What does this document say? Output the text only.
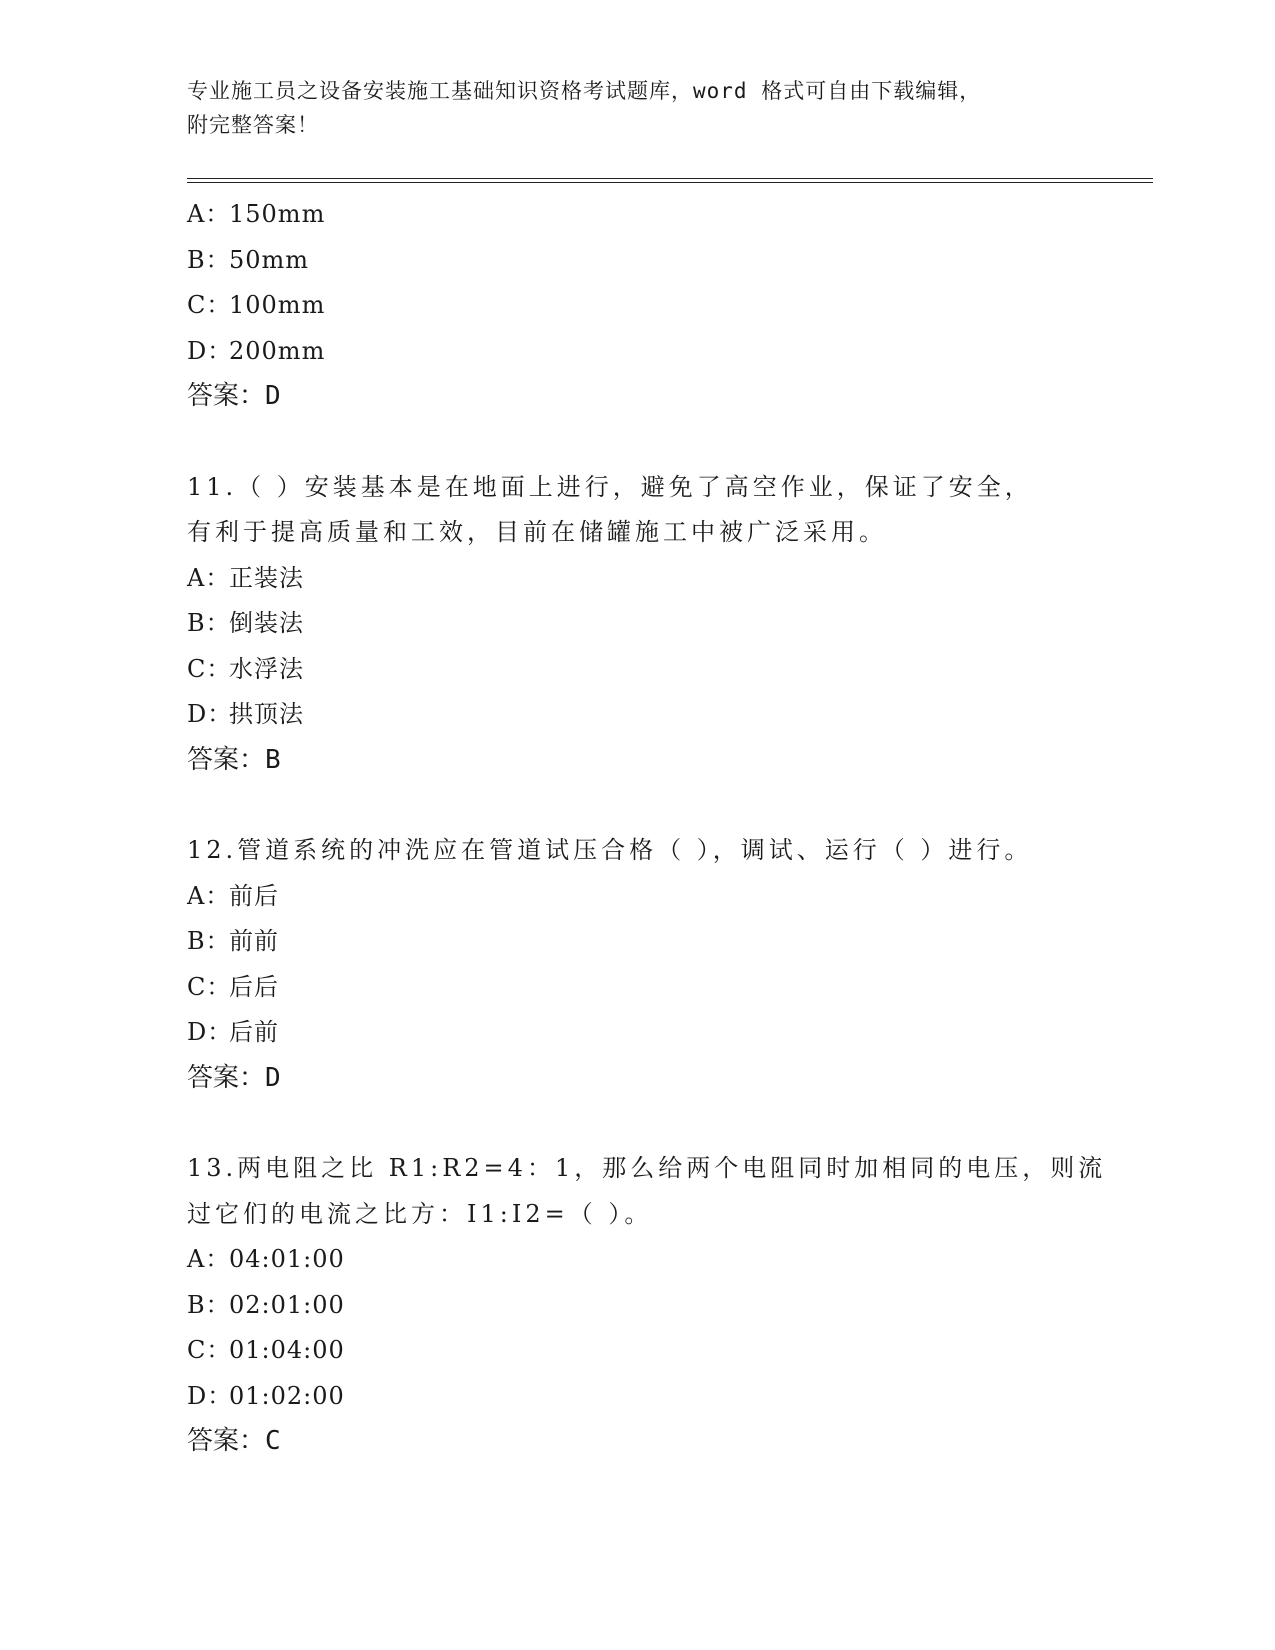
专业施工员之设备安装施工基础知识资格考试题库，word 格式可自由下载编辑，
附完整答案！
A：150mm
B：50mm
C：100mm
D：200mm
答案：D
11.（ ）安装基本是在地面上进行，避免了高空作业，保证了安全，
有利于提高质量和工效，目前在储罐施工中被广泛采用。
A：正装法
B：倒装法
C：水浮法
D：拱顶法
答案：B
12.管道系统的冲洗应在管道试压合格（ ），调试、运行（ ）进行。
A：前后
B：前前
C：后后
D：后前
答案：D
13.两电阻之比 R1:R2=4：1，那么给两个电阻同时加相同的电压，则流
过它们的电流之比方：I1:I2=（ ）。
A：04:01:00
B：02:01:00
C：01:04:00
D：01:02:00
答案：C
